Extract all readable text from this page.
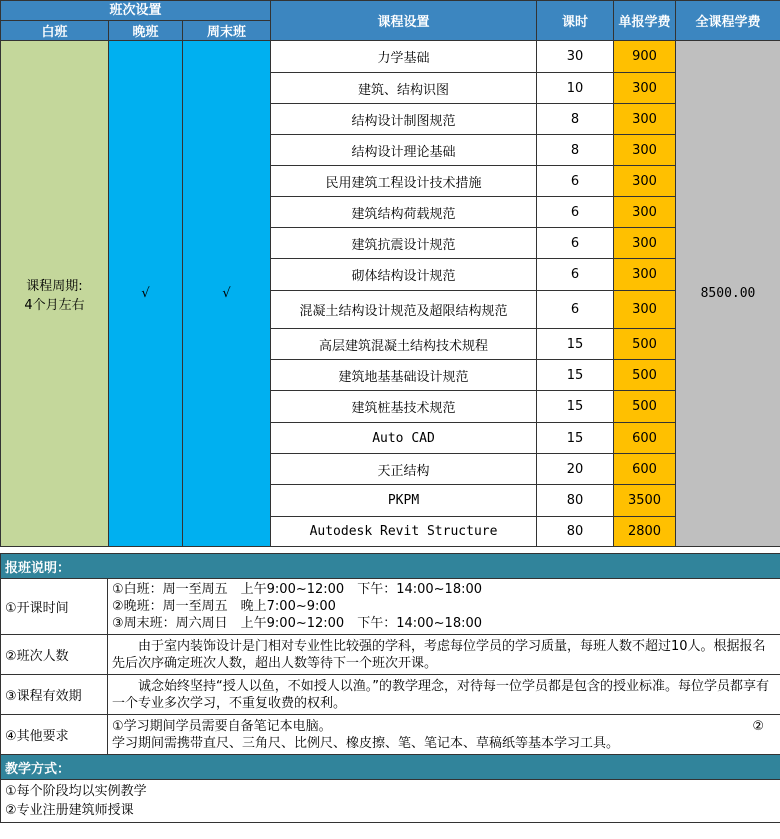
班次设置			课程设置	课时	单报学费	全课程学费
白班	晚班	周末班				

课程周期:
4个月左右	√	√	力学基础	30	900	8500.00
			建筑、结构识图	10	300	
			结构设计制图规范	8	300	
			结构设计理论基础	8	300	
			民用建筑工程设计技术措施	6	300	
			建筑结构荷载规范	6	300	
			建筑抗震设计规范	6	300	
			砌体结构设计规范	6	300	
			混凝土结构设计规范及超限结构规范	6	300	
			高层建筑混凝土结构技术规程	15	500	
			建筑地基基础设计规范	15	500	
			建筑桩基技术规范	15	500	
			Auto CAD	15	600	
			天正结构	20	600	
			PKPM	80	3500	
			Autodesk Revit Structure	80	2800	
报班说明：	
①开课时间	①白班：周一至周五　上午9:00~12:00　下午：14:00~18:00
②晚班：周一至周五　晚上7:00~9:00
③周末班：周六周日　上午9:00~12:00　下午：14:00~18:00

②班次人数	由于室内装饰设计是门相对专业性比较强的学科，考虑每位学员的学习质量，每班人数不超过10人。根据报名先后次序确定班次人数，超出人数等待下一个班次开课。
③课程有效期	诚念始终坚持“授人以鱼，不如授人以渔。”的教学理念，对待每一位学员都是包含的授业标准。每位学员都享有一个专业多次学习，不重复收费的权利。
④其他要求	①学习期间学员需要自备笔记本电脑。 ②
学习期间需携带直尺、三角尺、比例尺、橡皮擦、笔、笔记本、草稿纸等基本学习工具。

教学方式：	

①每个阶段均以实例教学
②专业注册建筑师授课	
